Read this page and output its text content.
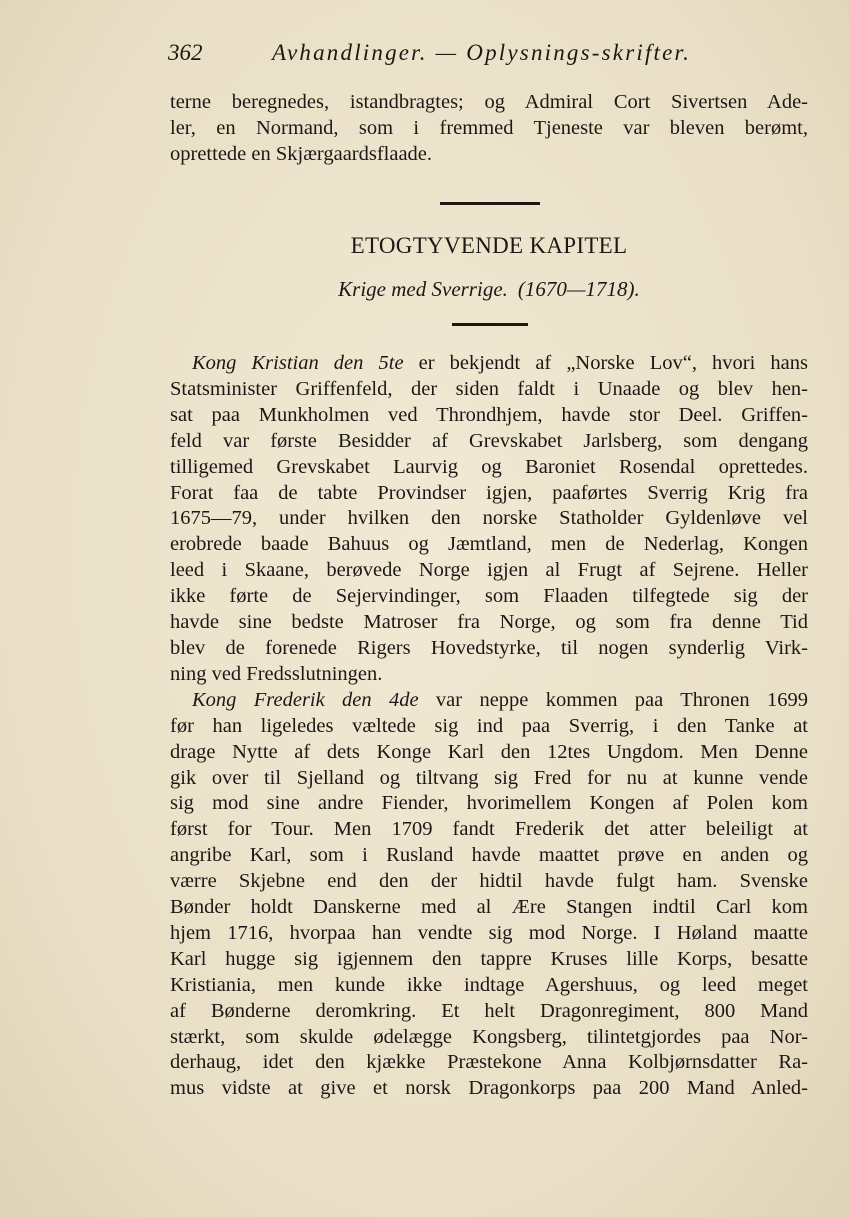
362	Avhandlinger. — Oplysnings-skrifter.
terne beregnedes, istandbragtes; og Admiral Cort Sivertsen Ade-
ler, en Normand, som i fremmed Tjeneste var bleven berømt,
oprettede en Skjærgaardsflaade.
ETOGTYVENDE KAPITEL
Krige med Sverrige. (1670—1718).
Kong Kristian den 5te er bekjendt af „Norske Lov“, hvori hans
Statsminister Griffenfeld, der siden faldt i Unaade og blev hen-
sat paa Munkholmen ved Throndhjem, havde stor Deel. Griffen-
feld var første Besidder af Grevskabet Jarlsberg, som dengang
tilligemed Grevskabet Laurvig og Baroniet Rosendal oprettedes.
Forat faa de tabte Provindser igjen, paaførtes Sverrig Krig fra
1675—79, under hvilken den norske Statholder Gyldenløve vel
erobrede baade Bahuus og Jæmtland, men de Nederlag, Kongen
leed i Skaane, berøvede Norge igjen al Frugt af Sejrene. Heller
ikke førte de Sejervindinger, som Flaaden tilfegtede sig der
havde sine bedste Matroser fra Norge, og som fra denne Tid
blev de forenede Rigers Hovedstyrke, til nogen synderlig Virk-
ning ved Fredsslutningen.
Kong Frederik den 4de var neppe kommen paa Thronen 1699
før han ligeledes væltede sig ind paa Sverrig, i den Tanke at
drage Nytte af dets Konge Karl den 12tes Ungdom. Men Denne
gik over til Sjelland og tiltvang sig Fred for nu at kunne vende
sig mod sine andre Fiender, hvorimellem Kongen af Polen kom
først for Tour. Men 1709 fandt Frederik det atter beleiligt at
angribe Karl, som i Rusland havde maattet prøve en anden og
værre Skjebne end den der hidtil havde fulgt ham. Svenske
Bønder holdt Danskerne med al Ære Stangen indtil Carl kom
hjem 1716, hvorpaa han vendte sig mod Norge. I Høland maatte
Karl hugge sig igjennem den tappre Kruses lille Korps, besatte
Kristiania, men kunde ikke indtage Agershuus, og leed meget
af Bønderne deromkring. Et helt Dragonregiment, 800 Mand
stærkt, som skulde ødelægge Kongsberg, tilintetgjordes paa Nor-
derhaug, idet den kjække Præstekone Anna Kolbjørnsdatter Ra-
mus vidste at give et norsk Dragonkorps paa 200 Mand Anled-
